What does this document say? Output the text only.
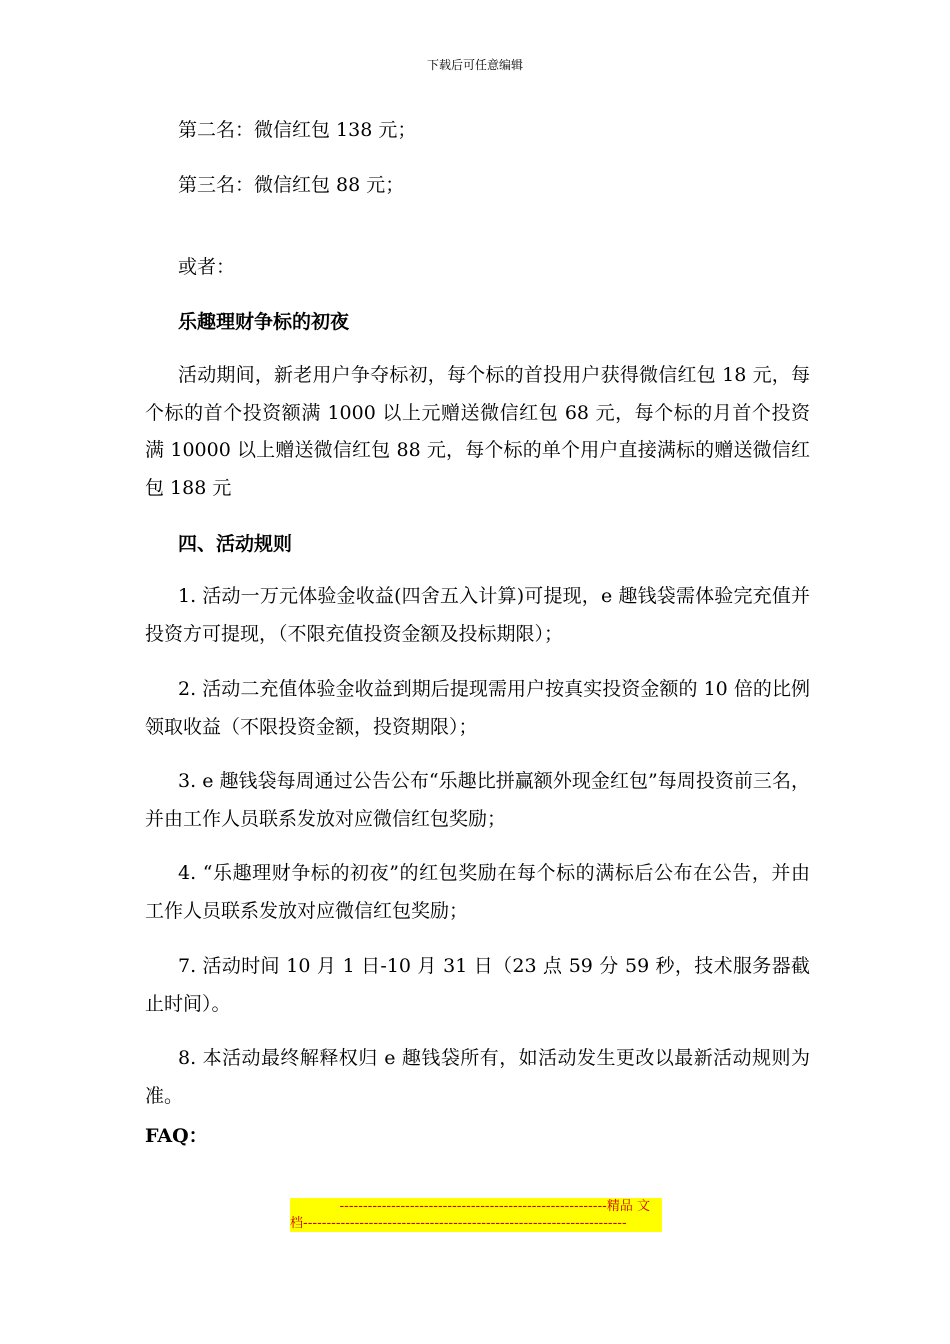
下载后可任意编辑
第二名：微信红包 138 元；
第三名：微信红包 88 元；
或者：
乐趣理财争标的初夜

活动期间，新老用户争夺标初，每个标的首投用户获得微信红包 18 元，每个标的首个投资额满 1000 以上元赠送微信红包 68 元，每个标的月首个投资满 10000 以上赠送微信红包 88 元，每个标的单个用户直接满标的赠送微信红包 188 元

四、活动规则

1. 活动一万元体验金收益(四舍五入计算)可提现，e 趣钱袋需体验完充值并投资方可提现，（不限充值投资金额及投标期限）；

2. 活动二充值体验金收益到期后提现需用户按真实投资金额的 10 倍的比例领取收益（不限投资金额，投资期限）；

3. e 趣钱袋每周通过公告公布“乐趣比拼赢额外现金红包”每周投资前三名，并由工作人员联系发放对应微信红包奖励；

4. “乐趣理财争标的初夜”的红包奖励在每个标的满标后公布在公告，并由工作人员联系发放对应微信红包奖励；

7. 活动时间 10 月 1 日-10 月 31 日（23 点 59 分 59 秒，技术服务器截止时间）。

8. 本活动最终解释权归 e 趣钱袋所有，如活动发生更改以最新活动规则为准。

FAQ：
---------------------------------------------------------精品 文
档---------------------------------------------------------------------
